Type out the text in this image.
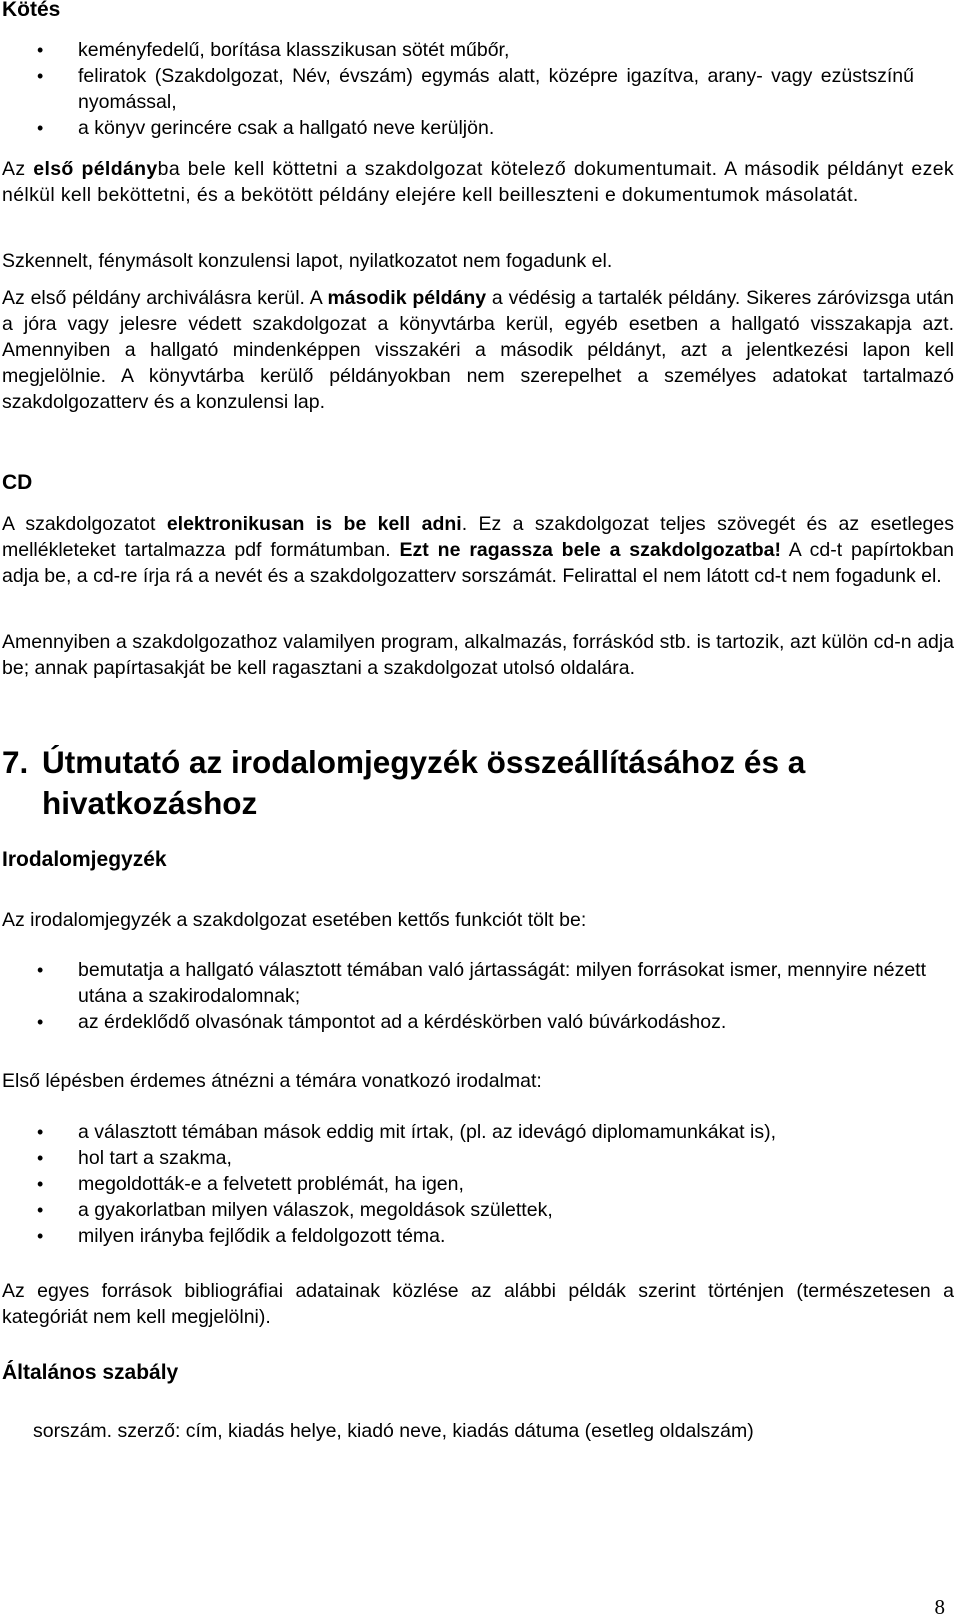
Kötés
• keményfedelű, borítása klasszikusan sötét műbőr,
• feliratok (Szakdolgozat, Név, évszám) egymás alatt, középre igazítva, arany- vagy ezüstszínű nyomással,
• a könyv gerincére csak a hallgató neve kerüljön.

Az első példányba bele kell köttetni a szakdolgozat kötelező dokumentumait. A második példányt ezek nélkül kell beköttetni, és a bekötött példány elejére kell beilleszteni e dokumentumok másolatát.

Szkennelt, fénymásolt konzulensi lapot, nyilatkozatot nem fogadunk el.

Az első példány archiválásra kerül. A második példány a védésig a tartalék példány. Sikeres záróvizsga után a jóra vagy jelesre védett szakdolgozat a könyvtárba kerül, egyéb esetben a hallgató visszakapja azt. Amennyiben a hallgató mindenképpen visszakéri a második példányt, azt a jelentkezési lapon kell megjelölnie. A könyvtárba kerülő példányokban nem szerepelhet a személyes adatokat tartalmazó szakdolgozatterv és a konzulensi lap.

CD

A szakdolgozatot elektronikusan is be kell adni. Ez a szakdolgozat teljes szövegét és az esetleges mellékleteket tartalmazza pdf formátumban. Ezt ne ragassza bele a szakdolgozatba! A cd-t papírtokban adja be, a cd-re írja rá a nevét és a szakdolgozatterv sorszámát. Felirattal el nem látott cd-t nem fogadunk el.

Amennyiben a szakdolgozathoz valamilyen program, alkalmazás, forráskód stb. is tartozik, azt külön cd-n adja be; annak papírtasakját be kell ragasztani a szakdolgozat utolsó oldalára.

7. Útmutató az irodalomjegyzék összeállításához és a
hivatkozáshoz
Irodalomjegyzék

Az irodalomjegyzék a szakdolgozat esetében kettős funkciót tölt be:

• bemutatja a hallgató választott témában való jártasságát: milyen forrásokat ismer, mennyire nézett utána a szakirodalomnak;
• az érdeklődő olvasónak támpontot ad a kérdéskörben való búvárkodáshoz.

Első lépésben érdemes átnézni a témára vonatkozó irodalmat:

• a választott témában mások eddig mit írtak, (pl. az idevágó diplomamunkákat is),
• hol tart a szakma,
• megoldották-e a felvetett problémát, ha igen,
• a gyakorlatban milyen válaszok, megoldások születtek,
• milyen irányba fejlődik a feldolgozott téma.

Az egyes források bibliográfiai adatainak közlése az alábbi példák szerint történjen (természetesen a kategóriát nem kell megjelölni).

Általános szabály

sorszám. szerző: cím, kiadás helye, kiadó neve, kiadás dátuma (esetleg oldalszám)

8
